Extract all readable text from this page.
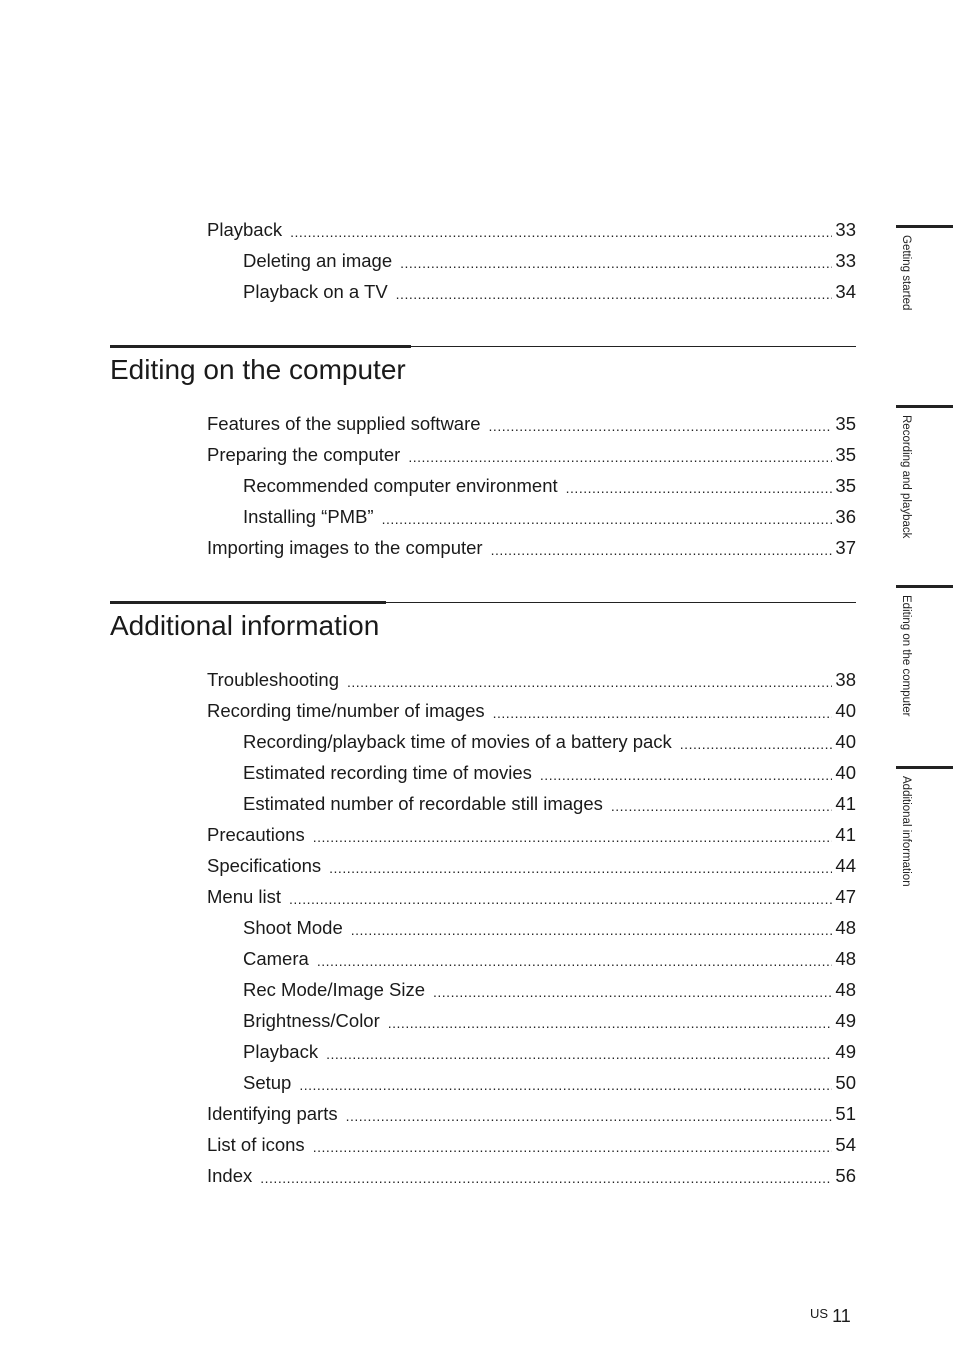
Playback .....	33
Deleting an image .....	33
Playback on a TV .....	34
Editing on the computer
Features of the supplied software .....	35
Preparing the computer .....	35
Recommended computer environment .....	35
Installing “PMB” .....	36
Importing images to the computer .....	37
Additional information
Troubleshooting .....	38
Recording time/number of images .....	40
Recording/playback time of movies of a battery pack .....	40
Estimated recording time of movies .....	40
Estimated number of recordable still images .....	41
Precautions .....	41
Specifications .....	44
Menu list .....	47
Shoot Mode .....	48
Camera .....	48
Rec Mode/Image Size .....	48
Brightness/Color .....	49
Playback .....	49
Setup .....	50
Identifying parts .....	51
List of icons .....	54
Index .....	56
Getting started
Recording and playback
Editing on the computer
Additional information
$^{US}$ 11
